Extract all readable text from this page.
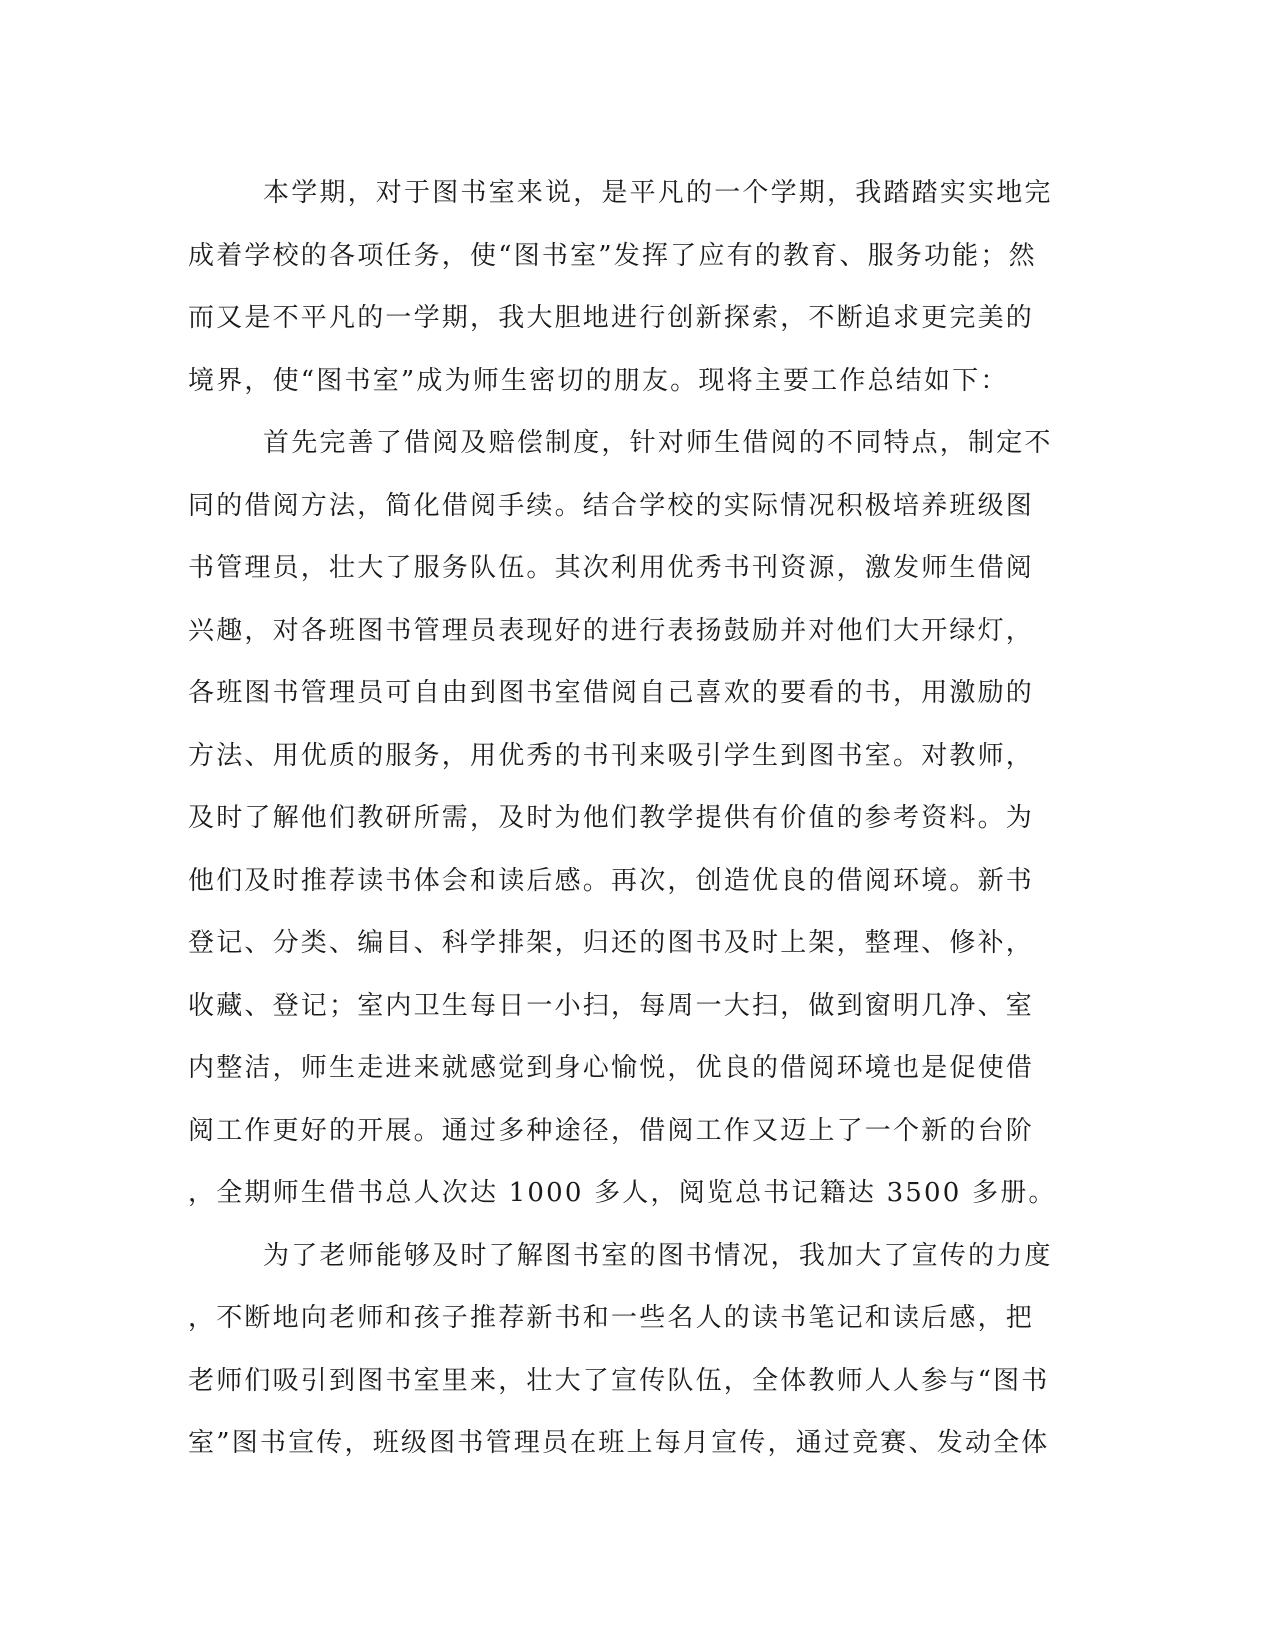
本学期，对于图书室来说，是平凡的一个学期，我踏踏实实地完
成着学校的各项任务，使“图书室”发挥了应有的教育、服务功能；然
而又是不平凡的一学期，我大胆地进行创新探索，不断追求更完美的
境界，使“图书室”成为师生密切的朋友。现将主要工作总结如下：
首先完善了借阅及赔偿制度，针对师生借阅的不同特点，制定不
同的借阅方法，简化借阅手续。结合学校的实际情况积极培养班级图
书管理员，壮大了服务队伍。其次利用优秀书刊资源，激发师生借阅
兴趣，对各班图书管理员表现好的进行表扬鼓励并对他们大开绿灯，
各班图书管理员可自由到图书室借阅自己喜欢的要看的书，用激励的
方法、用优质的服务，用优秀的书刊来吸引学生到图书室。对教师，
及时了解他们教研所需，及时为他们教学提供有价值的参考资料。为
他们及时推荐读书体会和读后感。再次，创造优良的借阅环境。新书
登记、分类、编目、科学排架，归还的图书及时上架，整理、修补，
收藏、登记；室内卫生每日一小扫，每周一大扫，做到窗明几净、室
内整洁，师生走进来就感觉到身心愉悦，优良的借阅环境也是促使借
阅工作更好的开展。通过多种途径，借阅工作又迈上了一个新的台阶
，全期师生借书总人次达 1000 多人，阅览总书记籍达 3500 多册。
为了老师能够及时了解图书室的图书情况，我加大了宣传的力度
，不断地向老师和孩子推荐新书和一些名人的读书笔记和读后感，把
老师们吸引到图书室里来，壮大了宣传队伍，全体教师人人参与“图书
室”图书宣传，班级图书管理员在班上每月宣传，通过竞赛、发动全体
